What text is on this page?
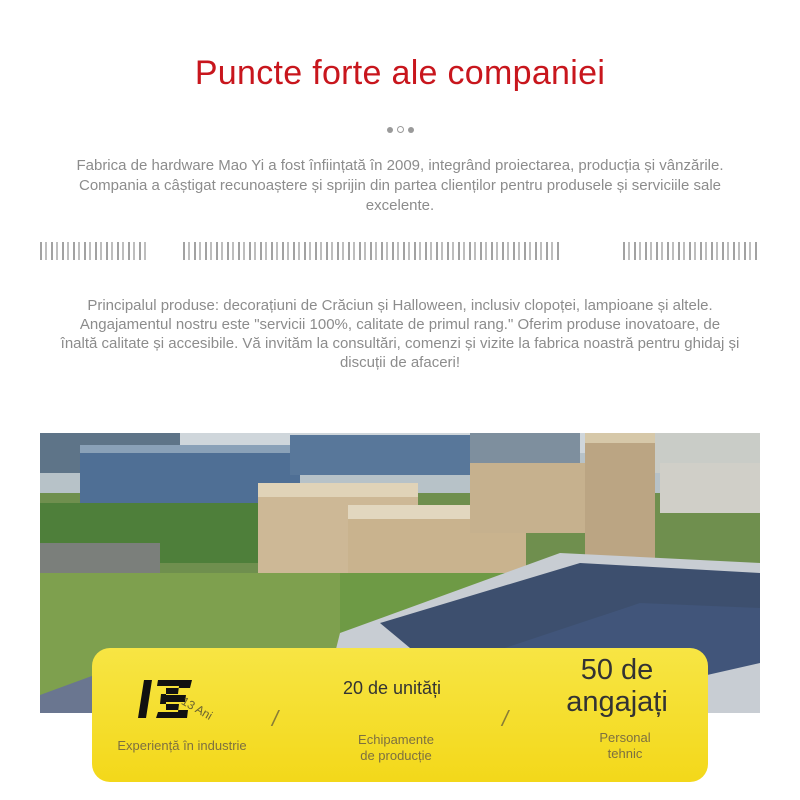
Puncte forte ale companiei
Fabrica de hardware Mao Yi a fost înființată în 2009, integrând proiectarea, producția și vânzările. Compania a câștigat recunoaștere și sprijin din partea clienților pentru produsele și serviciile sale excelente.
Principalul produse: decorațiuni de Crăciun și Halloween, inclusiv clopoței, lampioane și altele. Angajamentul nostru este "servicii 100%, calitate de primul rang." Oferim produse inovatoare, de înaltă calitate și accesibile. Vă invităm la consultări, comenzi și vizite la fabrica noastră pentru ghidaj și discuții de afaceri!
13 Ani
Experiență în industrie
/
20 de unități
Echipamente
de producție
/
50 de
angajați
Personal
tehnic
